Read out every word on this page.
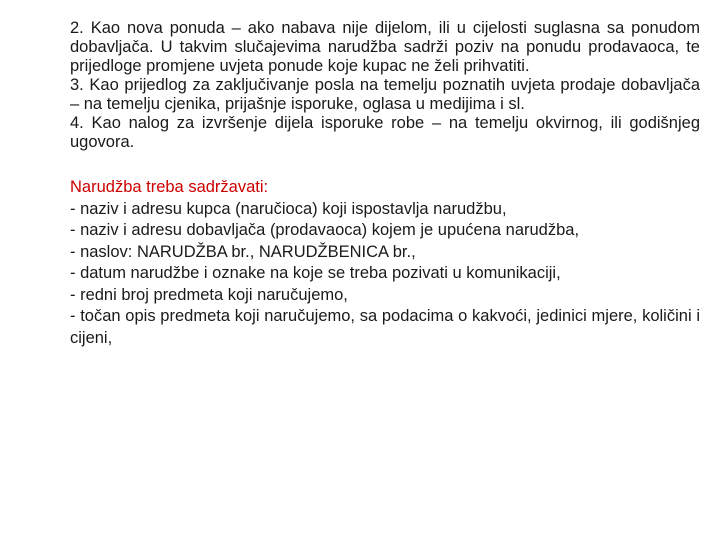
2. Kao nova ponuda – ako nabava nije dijelom, ili u cijelosti suglasna sa ponudom dobavljača. U takvim slučajevima narudžba sadrži poziv na ponudu prodavaoca, te prijedloge promjene uvjeta ponude koje kupac ne želi prihvatiti.

3. Kao prijedlog za zaključivanje posla na temelju poznatih uvjeta prodaje dobavljača – na temelju cjenika, prijašnje isporuke, oglasa u medijima i sl.

4. Kao nalog za izvršenje dijela isporuke robe – na temelju okvirnog, ili godišnjeg ugovora.

Narudžba treba sadržavati:

- naziv i adresu kupca (naručioca) koji ispostavlja narudžbu,

- naziv i adresu dobavljača (prodavaoca) kojem je upućena narudžba,

- naslov: NARUDŽBA br., NARUDŽBENICA br.,

- datum narudžbe i oznake na koje se treba pozivati u komunikaciji,

- redni broj predmeta koji naručujemo,

- točan opis predmeta koji naručujemo, sa podacima o kakvoći, jedinici mjere, količini i cijeni,
